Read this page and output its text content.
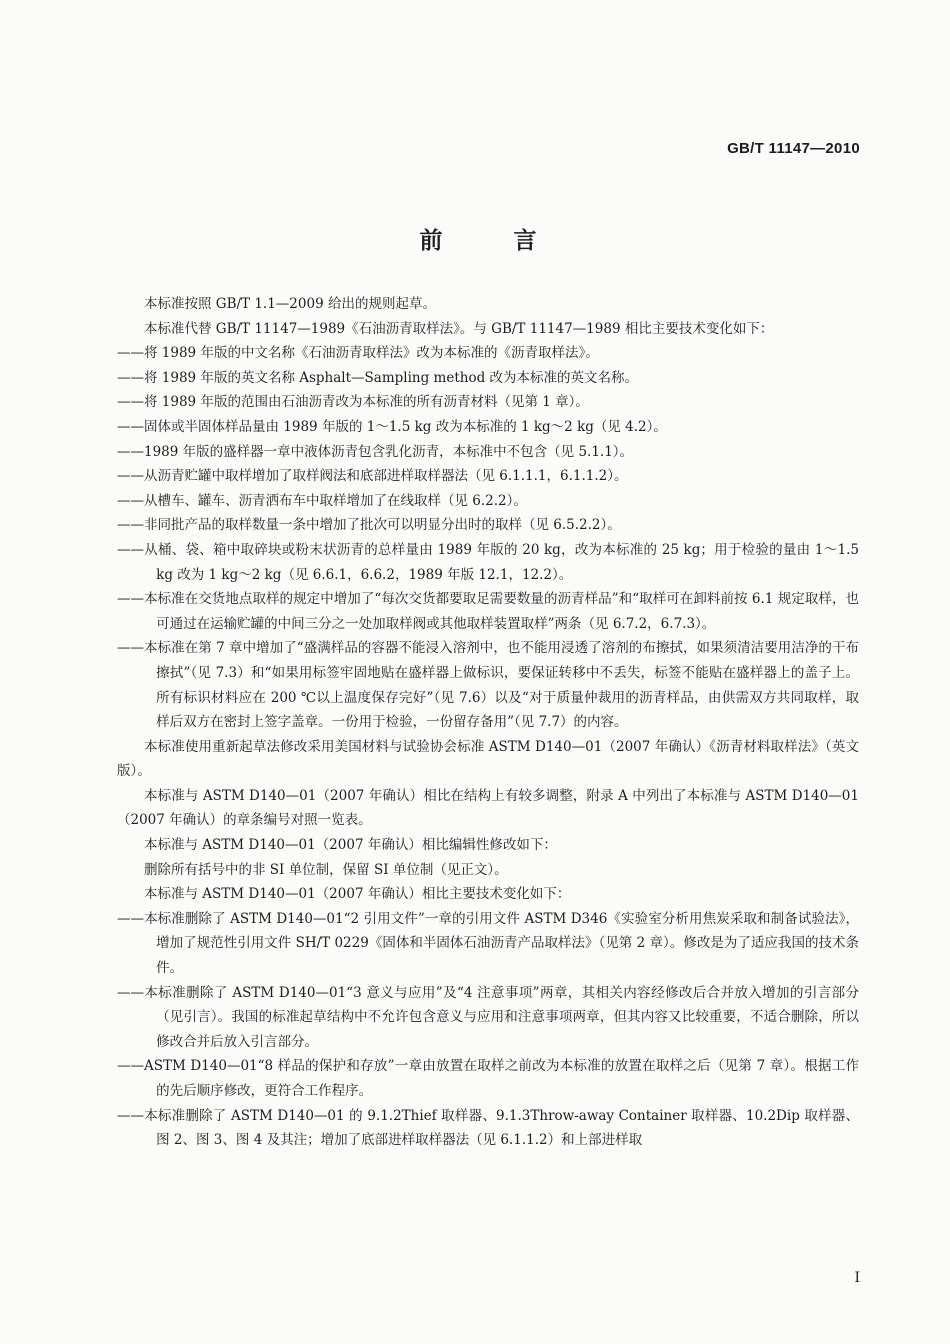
GB/T 11147—2010
前　言

本标准按照 GB/T 1.1—2009 给出的规则起草。

本标准代替 GB/T 11147—1989《石油沥青取样法》。与 GB/T 11147—1989 相比主要技术变化如下：

——将 1989 年版的中文名称《石油沥青取样法》改为本标准的《沥青取样法》。

——将 1989 年版的英文名称 Asphalt—Sampling method 改为本标准的英文名称。

——将 1989 年版的范围由石油沥青改为本标准的所有沥青材料（见第 1 章）。

——固体或半固体样品量由 1989 年版的 1～1.5 kg 改为本标准的 1 kg～2 kg（见 4.2）。

——1989 年版的盛样器一章中液体沥青包含乳化沥青，本标准中不包含（见 5.1.1）。

——从沥青贮罐中取样增加了取样阀法和底部进样取样器法（见 6.1.1.1，6.1.1.2）。

——从槽车、罐车、沥青洒布车中取样增加了在线取样（见 6.2.2）。

——非同批产品的取样数量一条中增加了批次可以明显分出时的取样（见 6.5.2.2）。

——从桶、袋、箱中取碎块或粉末状沥青的总样量由 1989 年版的 20 kg，改为本标准的 25 kg；用于检验的量由 1～1.5 kg 改为 1 kg～2 kg（见 6.6.1，6.6.2，1989 年版 12.1，12.2）。

——本标准在交货地点取样的规定中增加了“每次交货都要取足需要数量的沥青样品”和“取样可在卸料前按 6.1 规定取样，也可通过在运输贮罐的中间三分之一处加取样阀或其他取样装置取样”两条（见 6.7.2，6.7.3）。

——本标准在第 7 章中增加了“盛满样品的容器不能浸入溶剂中，也不能用浸透了溶剂的布擦拭，如果须清洁要用洁净的干布擦拭”（见 7.3）和“如果用标签牢固地贴在盛样器上做标识，要保证转移中不丢失，标签不能贴在盛样器上的盖子上。所有标识材料应在 200 ℃以上温度保存完好”（见 7.6）以及“对于质量仲裁用的沥青样品，由供需双方共同取样，取样后双方在密封上签字盖章。一份用于检验，一份留存备用”（见 7.7）的内容。

本标准使用重新起草法修改采用美国材料与试验协会标准 ASTM D140—01（2007 年确认）《沥青材料取样法》（英文版）。

本标准与 ASTM D140—01（2007 年确认）相比在结构上有较多调整，附录 A 中列出了本标准与 ASTM D140—01（2007 年确认）的章条编号对照一览表。

本标准与 ASTM D140—01（2007 年确认）相比编辑性修改如下：

删除所有括号中的非 SI 单位制，保留 SI 单位制（见正文）。

本标准与 ASTM D140—01（2007 年确认）相比主要技术变化如下：

——本标准删除了 ASTM D140—01“2 引用文件”一章的引用文件 ASTM D346《实验室分析用焦炭采取和制备试验法》，增加了规范性引用文件 SH/T 0229《固体和半固体石油沥青产品取样法》（见第 2 章）。修改是为了适应我国的技术条件。

——本标准删除了 ASTM D140—01“3 意义与应用”及“4 注意事项”两章，其相关内容经修改后合并放入增加的引言部分（见引言）。我国的标准起草结构中不允许包含意义与应用和注意事项两章，但其内容又比较重要，不适合删除，所以修改合并后放入引言部分。

——ASTM D140—01“8 样品的保护和存放”一章由放置在取样之前改为本标准的放置在取样之后（见第 7 章）。根据工作的先后顺序修改，更符合工作程序。

——本标准删除了 ASTM D140—01 的 9.1.2Thief 取样器、9.1.3Throw-away Container 取样器、10.2Dip 取样器、图 2、图 3、图 4 及其注；增加了底部进样取样器法（见 6.1.1.2）和上部进样取

I
